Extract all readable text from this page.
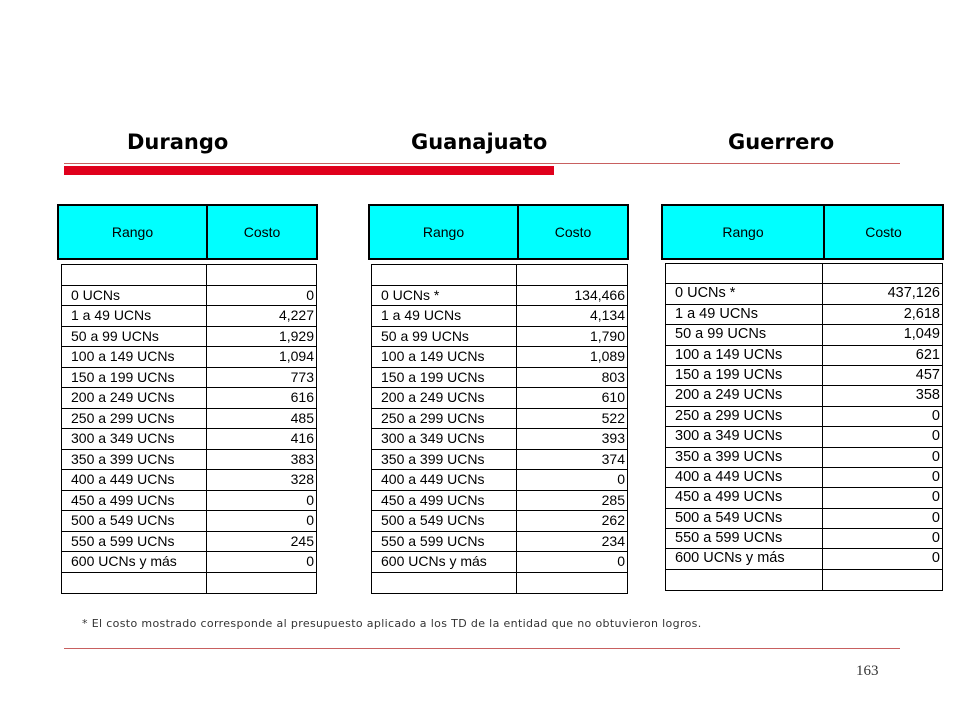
Durango	Guanajuato	Guerrero
Rango	Costo
0 UCNs	0
1 a 49 UCNs	4,227
50 a 99 UCNs	1,929
100 a 149 UCNs	1,094
150 a 199 UCNs	773
200 a 249 UCNs	616
250 a 299 UCNs	485
300 a 349 UCNs	416
350 a 399 UCNs	383
400 a 449 UCNs	328
450 a 499 UCNs	0
500 a 549 UCNs	0
550 a 599 UCNs	245
600 UCNs y más	0
Rango	Costo
0 UCNs *	134,466
1 a 49 UCNs	4,134
50 a 99 UCNs	1,790
100 a 149 UCNs	1,089
150 a 199 UCNs	803
200 a 249 UCNs	610
250 a 299 UCNs	522
300 a 349 UCNs	393
350 a 399 UCNs	374
400 a 449 UCNs	0
450 a 499 UCNs	285
500 a 549 UCNs	262
550 a 599 UCNs	234
600 UCNs y más	0
Rango	Costo
0 UCNs *	437,126
1 a 49 UCNs	2,618
50 a 99 UCNs	1,049
100 a 149 UCNs	621
150 a 199 UCNs	457
200 a 249 UCNs	358
250 a 299 UCNs	0
300 a 349 UCNs	0
350 a 399 UCNs	0
400 a 449 UCNs	0
450 a 499 UCNs	0
500 a 549 UCNs	0
550 a 599 UCNs	0
600 UCNs y más	0
* El costo mostrado corresponde al presupuesto aplicado a los TD de la entidad que no obtuvieron logros.
163
